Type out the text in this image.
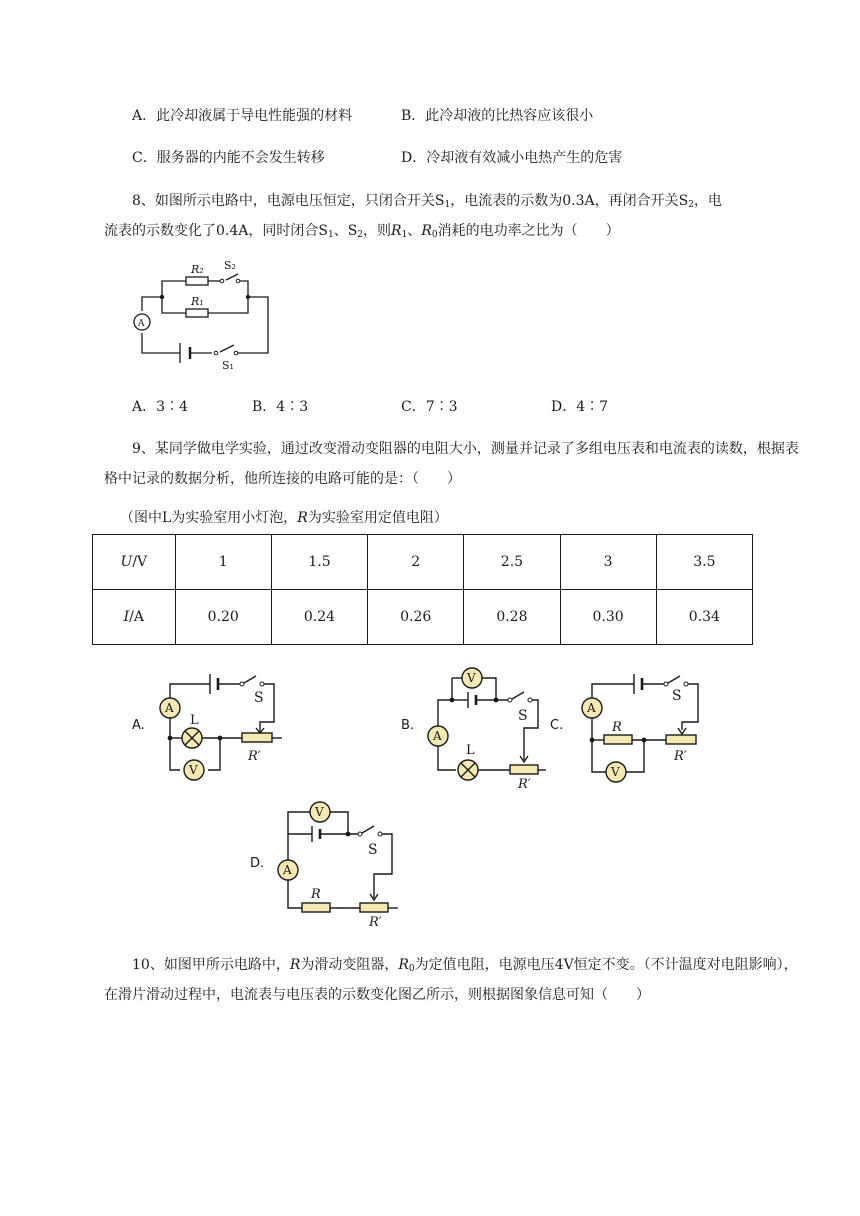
A．此冷却液属于导电性能强的材料	B．此冷却液的比热容应该很小
C．服务器的内能不会发生转移	D．冷却液有效减小电热产生的危害
8、如图所示电路中，电源电压恒定，只闭合开关$S_1$，电流表的示数为0.3A，再闭合开关$S_2$，电
流表的示数变化了0.4A，同时闭合$S_1$、$S_2$，则$R_1$、$R_0$消耗的电功率之比为（　　）
R₂ S₂
R₁
A
S₁
A．3∶4	B．4∶3	C．7∶3	D．4∶7
9、某同学做电学实验，通过改变滑动变阻器的电阻大小，测量并记录了多组电压表和电流表的读数，根据表格中记录的数据分析，他所连接的电路可能的是：（　　）
（图中L为实验室用小灯泡，R为实验室用定值电阻）
U/V	1	1.5	2	2.5	3	3.5
I/A	0.20	0.24	0.26	0.28	0.30	0.34
A.	B.	C.
D.
A
V
S
L
R′
V
A
S
L
R′
A
V
S
R
R′
V
A
S
R
R′
10、如图甲所示电路中，R为滑动变阻器，$R_0$为定值电阻，电源电压4V恒定不变。（不计温度对电阻影响），在滑片滑动过程中，电流表与电压表的示数变化图乙所示，则根据图象信息可知（　　）
